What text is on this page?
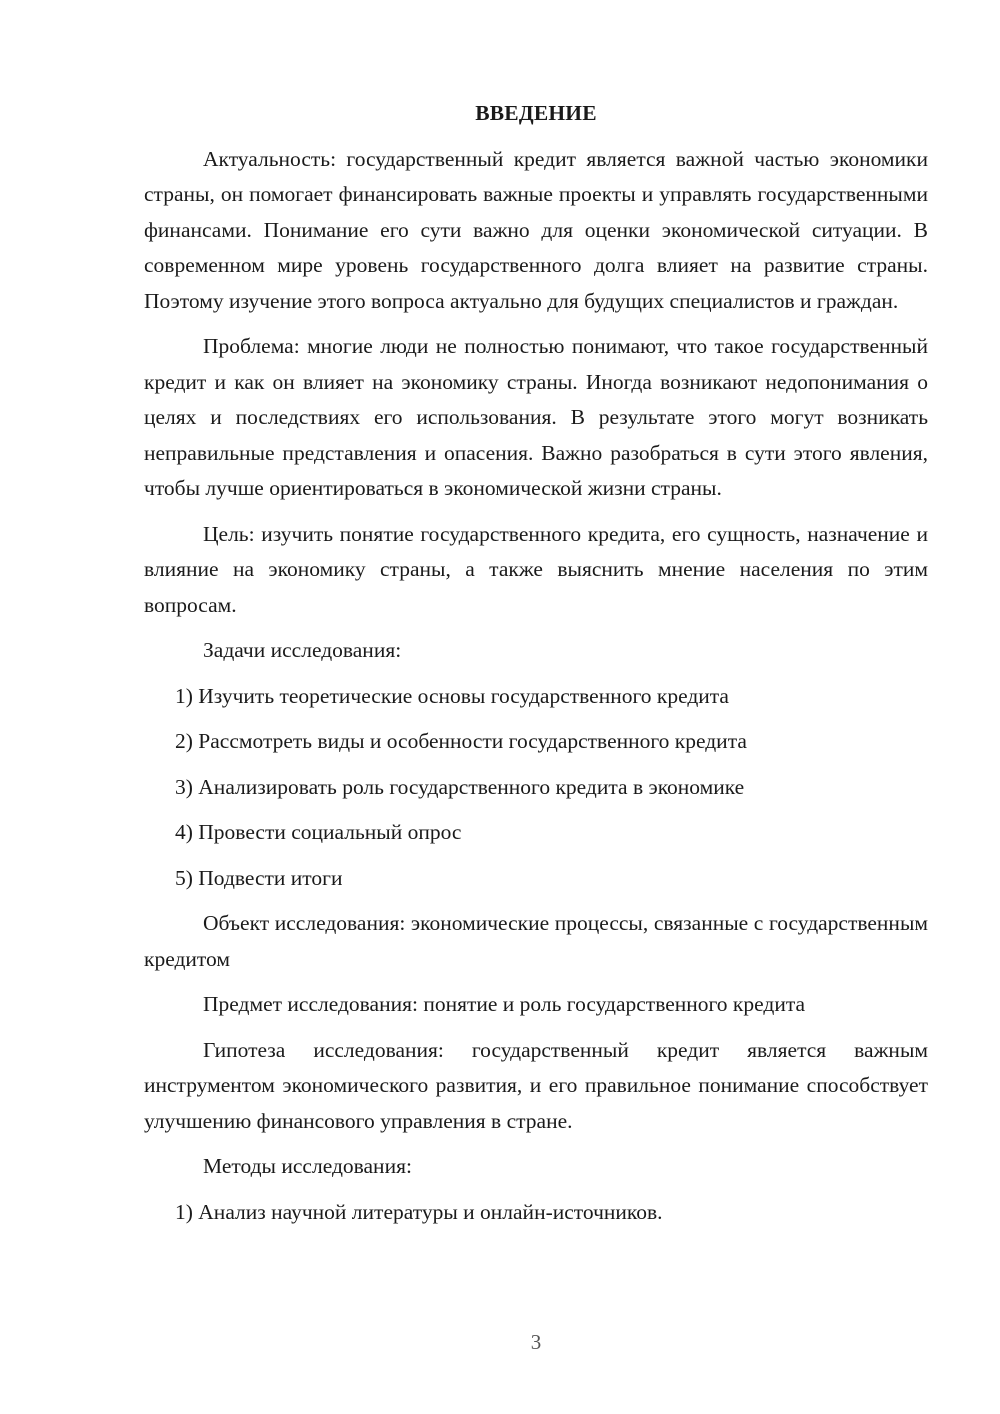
ВВЕДЕНИЕ

Актуальность: государственный кредит является важной частью экономики страны, он помогает финансировать важные проекты и управлять государственными финансами. Понимание его сути важно для оценки экономической ситуации. В современном мире уровень государственного долга влияет на развитие страны. Поэтому изучение этого вопроса актуально для будущих специалистов и граждан.

Проблема: многие люди не полностью понимают, что такое государственный кредит и как он влияет на экономику страны. Иногда возникают недопонимания о целях и последствиях его использования. В результате этого могут возникать неправильные представления и опасения. Важно разобраться в сути этого явления, чтобы лучше ориентироваться в экономической жизни страны.

Цель: изучить понятие государственного кредита, его сущность, назначение и влияние на экономику страны, а также выяснить мнение населения по этим вопросам.

Задачи исследования:

1) Изучить теоретические основы государственного кредита

2) Рассмотреть виды и особенности государственного кредита

3) Анализировать роль государственного кредита в экономике

4) Провести социальный опрос

5) Подвести итоги

Объект исследования: экономические процессы, связанные с государственным кредитом

Предмет исследования: понятие и роль государственного кредита

Гипотеза исследования: государственный кредит является важным инструментом экономического развития, и его правильное понимание способствует улучшению финансового управления в стране.

Методы исследования:

1) Анализ научной литературы и онлайн-источников.

3
